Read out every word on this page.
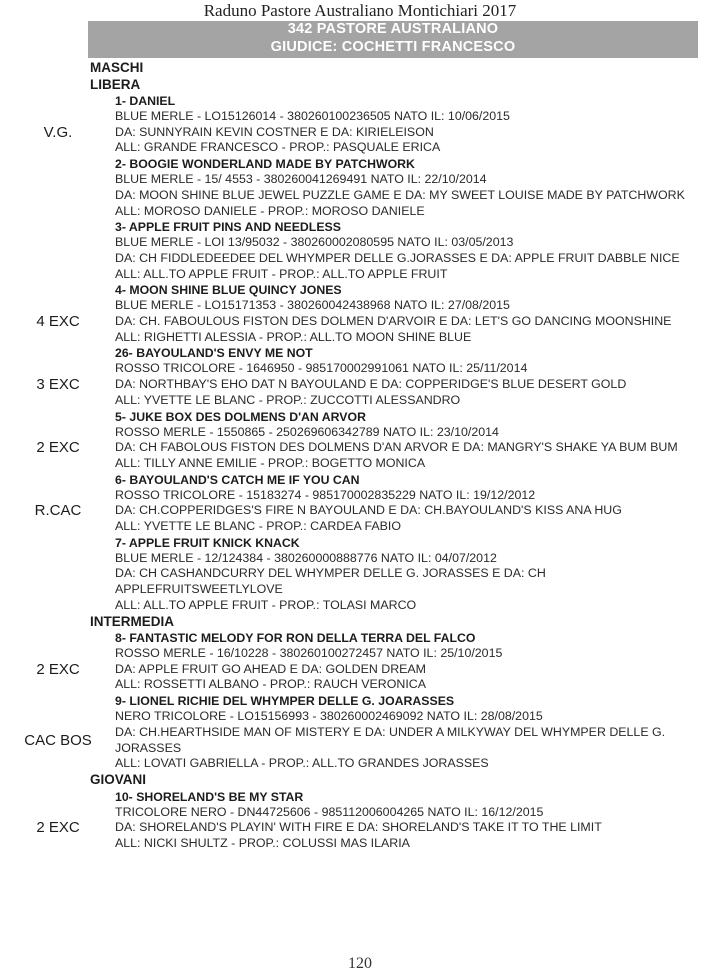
Raduno Pastore Australiano Montichiari 2017
342 PASTORE AUSTRALIANO
GIUDICE: COCHETTI FRANCESCO
MASCHI
LIBERA
1- DANIEL
BLUE MERLE - LO15126014 - 380260100236505 NATO IL: 10/06/2015
DA: SUNNYRAIN KEVIN COSTNER E DA: KIRIELEISON
ALL: GRANDE FRANCESCO - PROP.: PASQUALE ERICA
V.G.
2- BOOGIE WONDERLAND MADE BY PATCHWORK
BLUE MERLE - 15/ 4553 - 380260041269491 NATO IL: 22/10/2014
DA: MOON SHINE BLUE JEWEL PUZZLE GAME E DA: MY SWEET LOUISE MADE BY PATCHWORK
ALL: MOROSO DANIELE - PROP.: MOROSO DANIELE
3- APPLE FRUIT PINS AND NEEDLESS
BLUE MERLE - LOI 13/95032 - 380260002080595 NATO IL: 03/05/2013
DA: CH FIDDLEDEEDEE DEL WHYMPER DELLE G.JORASSES E DA: APPLE FRUIT DABBLE NICE
ALL: ALL.TO APPLE FRUIT - PROP.: ALL.TO APPLE FRUIT
4- MOON SHINE BLUE QUINCY JONES
BLUE MERLE - LO15171353 - 380260042438968 NATO IL: 27/08/2015
DA: CH. FABOULOUS FISTON DES DOLMEN D'ARVOIR E DA: LET'S GO DANCING MOONSHINE
ALL: RIGHETTI ALESSIA - PROP.: ALL.TO MOON SHINE BLUE
4 EXC
26- BAYOULAND'S ENVY ME NOT
ROSSO TRICOLORE - 1646950 - 985170002991061 NATO IL: 25/11/2014
DA: NORTHBAY'S EHO DAT N BAYOULAND E DA: COPPERIDGE'S BLUE DESERT GOLD
ALL: YVETTE LE BLANC - PROP.: ZUCCOTTI ALESSANDRO
3 EXC
5- JUKE BOX DES DOLMENS D'AN ARVOR
ROSSO MERLE - 1550865 - 250269606342789 NATO IL: 23/10/2014
DA: CH FABOLOUS FISTON DES DOLMENS D'AN ARVOR E DA: MANGRY'S SHAKE YA BUM BUM
ALL: TILLY ANNE EMILIE - PROP.: BOGETTO MONICA
2 EXC
6- BAYOULAND'S CATCH ME IF YOU CAN
ROSSO TRICOLORE - 15183274 - 985170002835229 NATO IL: 19/12/2012
DA: CH.COPPERIDGES'S FIRE N BAYOULAND E DA: CH.BAYOULAND'S KISS ANA HUG
ALL: YVETTE LE BLANC - PROP.: CARDEA FABIO
R.CAC
7- APPLE FRUIT KNICK KNACK
BLUE MERLE - 12/124384 - 380260000888776 NATO IL: 04/07/2012
DA: CH CASHANDCURRY DEL WHYMPER DELLE G. JORASSES E DA: CH APPLEFRUITSWEETLYLOVE
ALL: ALL.TO APPLE FRUIT - PROP.: TOLASI MARCO
INTERMEDIA
8- FANTASTIC MELODY FOR RON DELLA TERRA DEL FALCO
ROSSO MERLE - 16/10228 - 380260100272457 NATO IL: 25/10/2015
DA: APPLE FRUIT GO AHEAD E DA: GOLDEN DREAM
ALL: ROSSETTI ALBANO - PROP.: RAUCH VERONICA
2 EXC
9- LIONEL RICHIE DEL WHYMPER DELLE G. JOARASSES
NERO TRICOLORE - LO15156993 - 380260002469092 NATO IL: 28/08/2015
DA: CH.HEARTHSIDE MAN OF MISTERY E DA: UNDER A MILKYWAY DEL WHYMPER DELLE G. JORASSES
ALL: LOVATI GABRIELLA - PROP.: ALL.TO GRANDES JORASSES
CAC BOS
GIOVANI
10- SHORELAND'S BE MY STAR
TRICOLORE NERO - DN44725606 - 985112006004265 NATO IL: 16/12/2015
DA: SHORELAND'S PLAYIN' WITH FIRE E DA: SHORELAND'S TAKE IT TO THE LIMIT
ALL: NICKI SHULTZ - PROP.: COLUSSI MAS ILARIA
2 EXC
120
